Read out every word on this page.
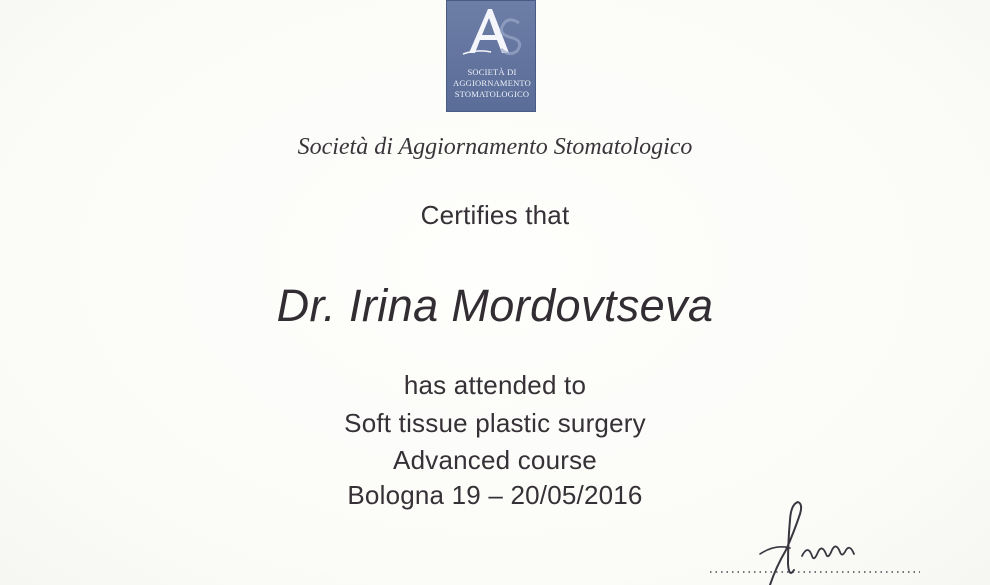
SOCIETÀ DI
AGGIORNAMENTO
STOMATOLOGICO
Società di Aggiornamento Stomatologico
Certifies that
Dr. Irina Mordovtseva
has attended to
Soft tissue plastic surgery
Advanced course
Bologna 19 – 20/05/2016
